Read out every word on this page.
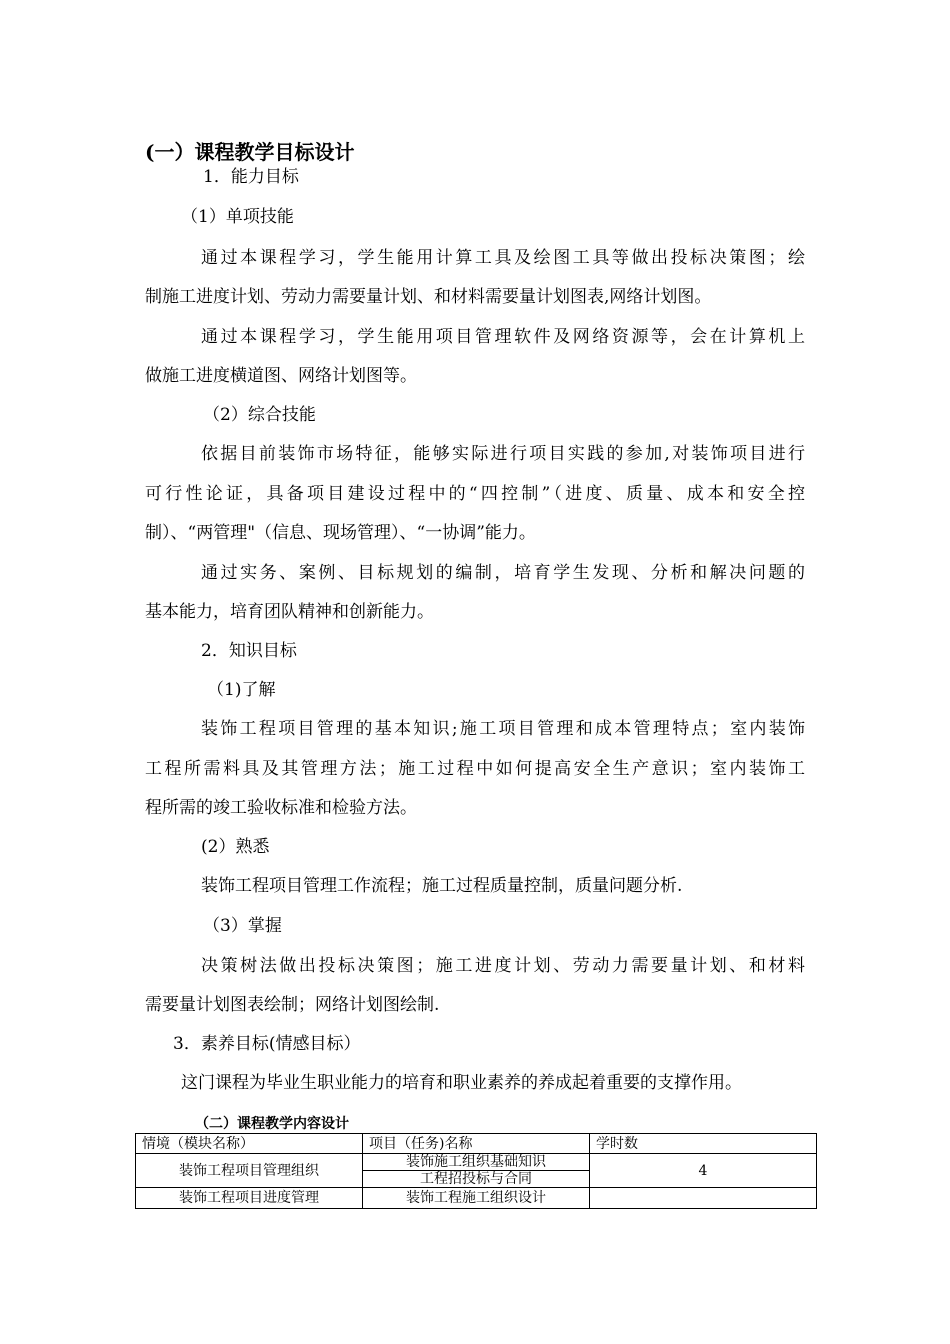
(一）课程教学目标设计
1．能力目标
（1）单项技能
通过本课程学习，学生能用计算工具及绘图工具等做出投标决策图；绘
制施工进度计划、劳动力需要量计划、和材料需要量计划图表,网络计划图。
通过本课程学习，学生能用项目管理软件及网络资源等，会在计算机上
做施工进度横道图、网络计划图等。
（2）综合技能
依据目前装饰市场特征，能够实际进行项目实践的参加,对装饰项目进行
可行性论证，具备项目建设过程中的“四控制”（进度、质量、成本和安全控
制）、“两管理"（信息、现场管理）、“一协调”能力。
通过实务、案例、目标规划的编制，培育学生发现、分析和解决问题的
基本能力，培育团队精神和创新能力。
2．知识目标
（1)了解
装饰工程项目管理的基本知识;施工项目管理和成本管理特点；室内装饰
工程所需料具及其管理方法；施工过程中如何提高安全生产意识；室内装饰工
程所需的竣工验收标准和检验方法。
(2）熟悉
装饰工程项目管理工作流程；施工过程质量控制，质量问题分析.
（3）掌握
决策树法做出投标决策图；施工进度计划、劳动力需要量计划、和材料
需要量计划图表绘制；网络计划图绘制.
3．素养目标(情感目标）
这门课程为毕业生职业能力的培育和职业素养的养成起着重要的支撑作用。
（二）课程教学内容设计
情境（模块名称）	项目（任务)名称	学时数
装饰工程项目管理组织	装饰施工组织基础知识	4
	工程招投标与合同	
装饰工程项目进度管理	装饰工程施工组织设计	
